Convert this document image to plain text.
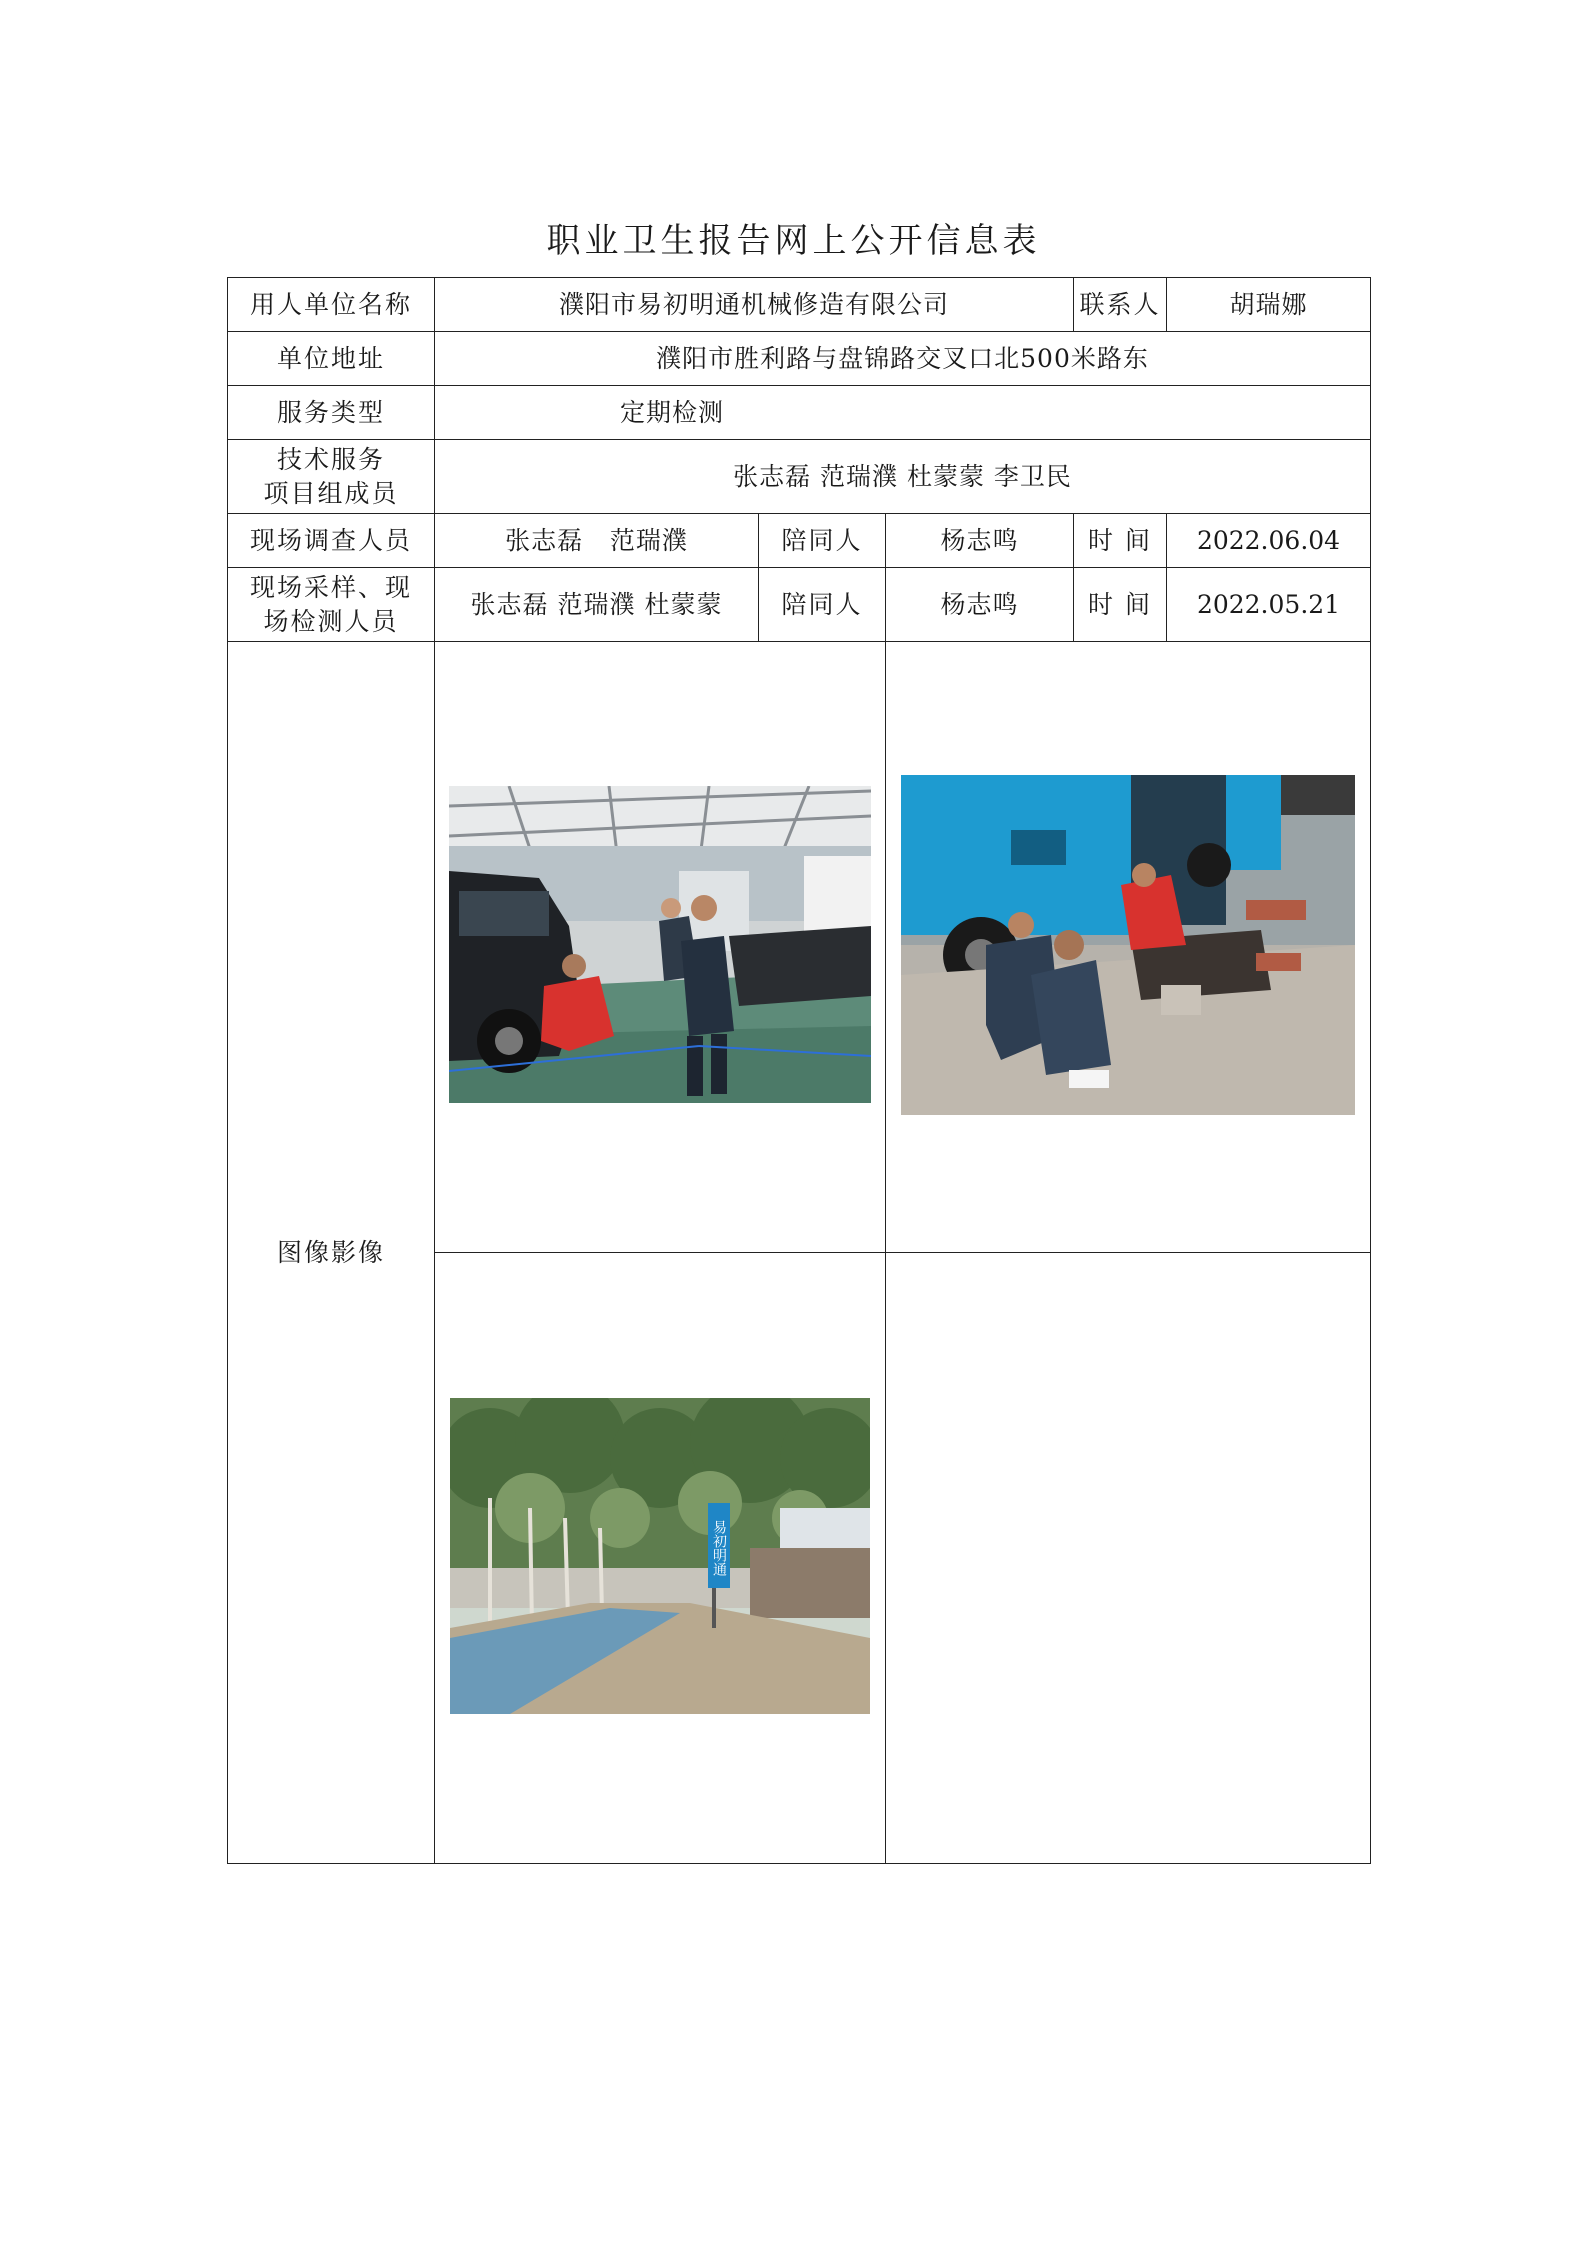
职业卫生报告网上公开信息表
用人单位名称	濮阳市易初明通机械修造有限公司			联系人	胡瑞娜
单位地址	濮阳市胜利路与盘锦路交叉口北500米路东				
服务类型	定期检测				

技术服务
项目组成员	张志磊 范瑞濮 杜蒙蒙 李卫民				
现场调查人员	张志磊   范瑞濮	陪同人	杨志鸣	时 间	2022.06.04

现场采样、现
场检测人员	张志磊 范瑞濮 杜蒙蒙	陪同人	杨志鸣	时 间	2022.05.21
图像影像	

易初明通				
